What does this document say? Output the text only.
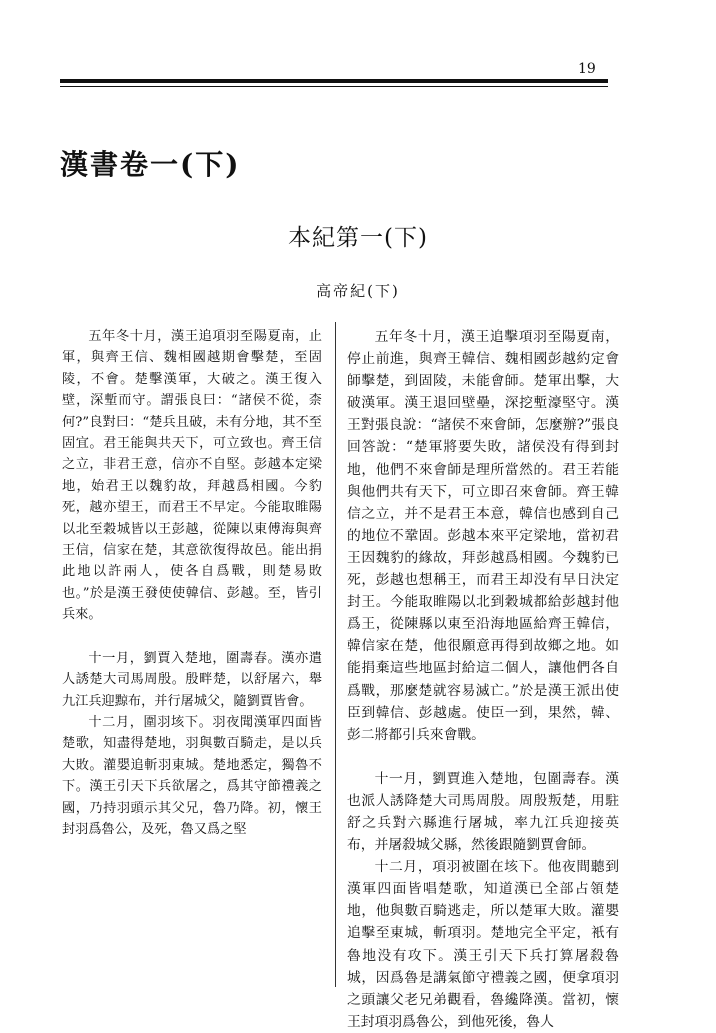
19
漢書卷一(下)
本紀第一(下)
高帝紀(下)

五年冬十月，漢王追項羽至陽夏南，止軍，與齊王信、魏相國越期會擊楚，至固陵，不會。楚擊漢軍，大破之。漢王復入壁，深塹而守。謂張良曰：“諸侯不從，柰何?”良對曰：“楚兵且破，未有分地，其不至固宜。君王能與共天下，可立致也。齊王信之立，非君王意，信亦不自堅。彭越本定梁地，始君王以魏豹故，拜越爲相國。今豹死，越亦望王，而君王不早定。今能取睢陽以北至穀城皆以王彭越，從陳以東傅海與齊王信，信家在楚，其意欲復得故邑。能出捐此地以許兩人，使各自爲戰，則楚易敗也。”於是漢王發使使韓信、彭越。至，皆引兵來。

十一月，劉賈入楚地，圍壽春。漢亦遣人誘楚大司馬周殷。殷畔楚，以舒屠六，舉九江兵迎黥布，并行屠城父，隨劉賈皆會。

十二月，圍羽垓下。羽夜聞漢軍四面皆楚歌，知盡得楚地，羽與數百騎走，是以兵大敗。灌嬰追斬羽東城。楚地悉定，獨魯不下。漢王引天下兵欲屠之，爲其守節禮義之國，乃持羽頭示其父兄，魯乃降。初，懷王封羽爲魯公，及死，魯又爲之堅

五年冬十月，漢王追擊項羽至陽夏南，停止前進，與齊王韓信、魏相國彭越約定會師擊楚，到固陵，未能會師。楚軍出擊，大破漢軍。漢王退回壁壘，深挖塹濠堅守。漢王對張良說：“諸侯不來會師，怎麼辦?”張良回答說：“楚軍將要失敗，諸侯没有得到封地，他們不來會師是理所當然的。君王若能與他們共有天下，可立即召來會師。齊王韓信之立，并不是君王本意，韓信也感到自己的地位不鞏固。彭越本來平定梁地，當初君王因魏豹的緣故，拜彭越爲相國。今魏豹已死，彭越也想稱王，而君王却没有早日決定封王。今能取睢陽以北到穀城都給彭越封他爲王，從陳縣以東至沿海地區給齊王韓信，韓信家在楚，他很願意再得到故鄉之地。如能捐棄這些地區封給這二個人，讓他們各自爲戰，那麼楚就容易滅亡。”於是漢王派出使臣到韓信、彭越處。使臣一到，果然，韓、彭二將都引兵來會戰。

十一月，劉賈進入楚地，包圍壽春。漢也派人誘降楚大司馬周殷。周殷叛楚，用駐舒之兵對六縣進行屠城，率九江兵迎接英布，并屠殺城父縣，然後跟隨劉賈會師。

十二月，項羽被圍在垓下。他夜間聽到漢軍四面皆唱楚歌，知道漢已全部占領楚地，他與數百騎逃走，所以楚軍大敗。灌嬰追擊至東城，斬項羽。楚地完全平定，衹有魯地没有攻下。漢王引天下兵打算屠殺魯城，因爲魯是講氣節守禮義之國，便拿項羽之頭讓父老兄弟觀看，魯纔降漢。當初，懷王封項羽爲魯公，到他死後，魯人
